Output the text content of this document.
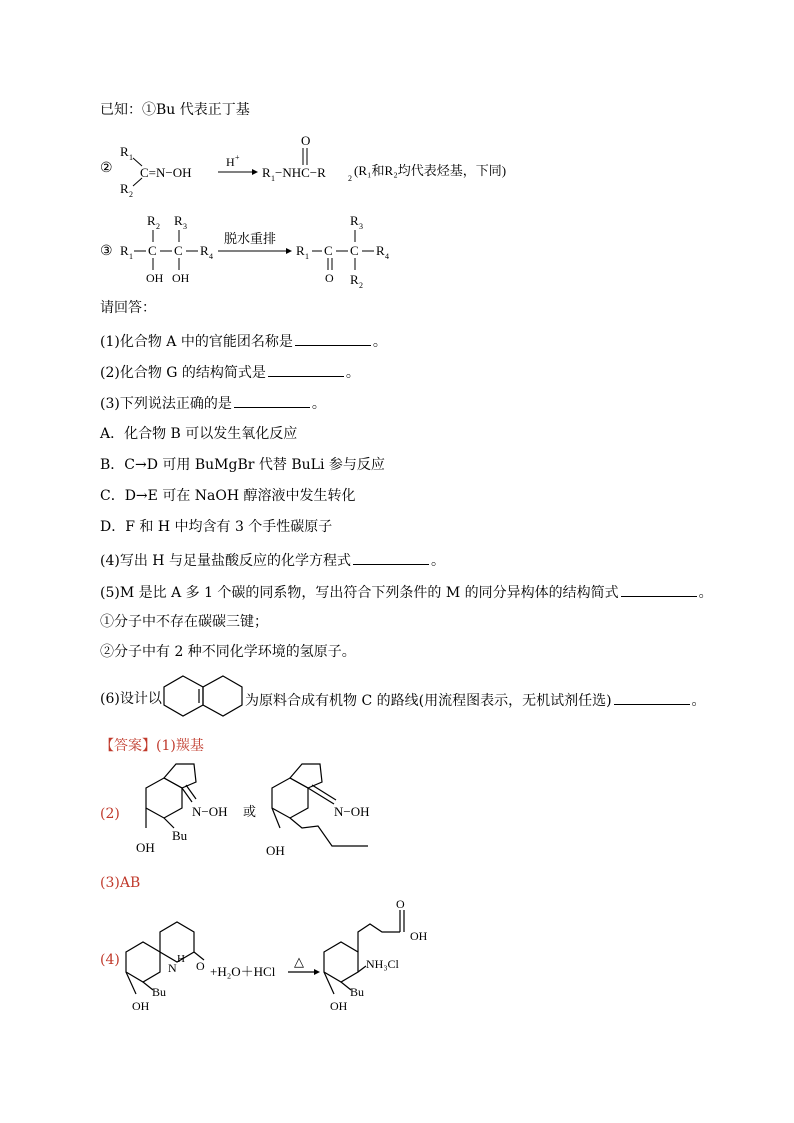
已知：①Bu 代表正丁基
②
R 1
R 2
C=N−OH
H +
R 1 −NHC−R	2
O
(R₁和R₂均代表烃基，下同)
③ R 1 C
R 2
OH
C
R 3
OH
R 4
脱水重排
R 1 C
O
C
R 3
R 2
R 4
请回答：
(1)化合物 A 中的官能团名称是	。
(2)化合物 G 的结构简式是	。
(3)下列说法正确的是	。
A．化合物 B 可以发生氧化反应
B．C→D 可用 BuMgBr 代替 BuLi 参与反应
C．D→E 可在 NaOH 醇溶液中发生转化
D．F 和 H 中均含有 3 个手性碳原子
(4)写出 H 与足量盐酸反应的化学方程式	。
(5)M 是比 A 多 1 个碳的同系物，写出符合下列条件的 M 的同分异构体的结构简式	。
①分子中不存在碳碳三键；
②分子中有 2 种不同化学环境的氢原子。
(6)设计以	为原料合成有机物 C 的路线(用流程图表示，无机试剂任选)	。
【答案】(1)羰基
(2)	N−OH
Bu
OH
或	N−OH
OH
(3)AB
(4)	N
H O
Bu
OH
+H₂O＋HCl
△
O
OH
NH₃Cl
Bu
OH
